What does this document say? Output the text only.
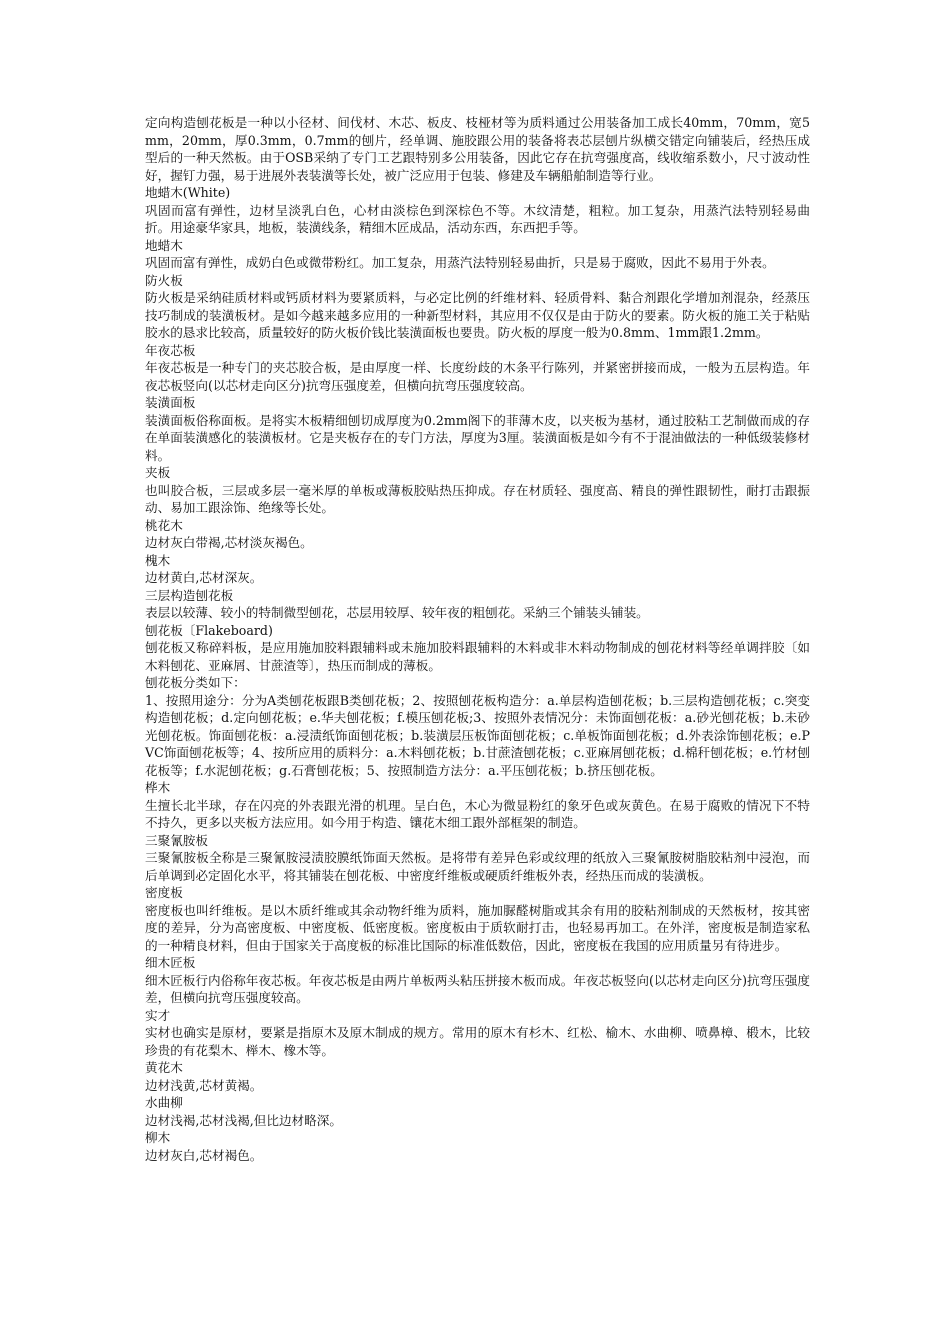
定向构造刨花板是一种以小径材、间伐材、木芯、板皮、枝桠材等为质料通过公用装备加工成长40mm，70mm，宽5mm，20mm，厚0.3mm，0.7mm的刨片，经单调、施胶跟公用的装备将表芯层刨片纵横交错定向铺装后，经热压成型后的一种天然板。由于OSB采纳了专门工艺跟特别多公用装备，因此它存在抗弯强度高，线收缩系数小，尺寸波动性好，握钉力强，易于进展外表装潢等长处，被广泛应用于包装、修建及车辆船舶制造等行业。
地蜡木(White)
巩固而富有弹性，边材呈淡乳白色，心材由淡棕色到深棕色不等。木纹清楚，粗粒。加工复杂，用蒸汽法特别轻易曲折。用途豪华家具，地板，装潢线条，精细木匠成品，活动东西，东西把手等。
地蜡木
巩固而富有弹性，成奶白色或微带粉红。加工复杂，用蒸汽法特别轻易曲折，只是易于腐败，因此不易用于外表。
防火板
防火板是采纳硅质材料或钙质材料为要紧质料，与必定比例的纤维材料、轻质骨料、黏合剂跟化学增加剂混杂，经蒸压技巧制成的装潢板材。是如今越来越多应用的一种新型材料，其应用不仅仅是由于防火的要素。防火板的施工关于粘贴胶水的恳求比较高，质量较好的防火板价钱比装潢面板也要贵。防火板的厚度一般为0.8mm、1mm跟1.2mm。
年夜芯板
年夜芯板是一种专门的夹芯胶合板，是由厚度一样、长度纷歧的木条平行陈列，并紧密拼接而成，一般为五层构造。年夜芯板竖向(以芯材走向区分)抗弯压强度差，但横向抗弯压强度较高。
装潢面板
装潢面板俗称面板。是将实木板精细刨切成厚度为0.2mm阁下的菲薄木皮，以夹板为基材，通过胶粘工艺制做而成的存在单面装潢感化的装潢板材。它是夹板存在的专门方法，厚度为3厘。装潢面板是如今有不于混油做法的一种低级装修材料。
夹板
也叫胶合板，三层或多层一毫米厚的单板或薄板胶贴热压抑成。存在材质轻、强度高、精良的弹性跟韧性，耐打击跟振动、易加工跟涂饰、绝缘等长处。
桃花木
边材灰白带褐,芯材淡灰褐色。
槐木
边材黄白,芯材深灰。
三层构造刨花板
表层以较薄、较小的特制微型刨花，芯层用较厚、较年夜的粗刨花。采納三个铺装头铺装。
刨花板〔Flakeboard)
刨花板又称碎料板，是应用施加胶料跟辅料或未施加胶料跟辅料的木料或非木料动物制成的刨花材料等经单调拌胶〔如木料刨花、亚麻屑、甘蔗渣等〕，热压而制成的薄板。
刨花板分类如下：
1、按照用途分：分为A类刨花板跟B类刨花板；2、按照刨花板构造分：a.单层构造刨花板；b.三层构造刨花板；c.突变构造刨花板；d.定向刨花板；e.华夫刨花板；f.模压刨花板;3、按照外表情况分：未饰面刨花板：a.砂光刨花板；b.未砂光刨花板。饰面刨花板：a.浸渍纸饰面刨花板；b.装潢层压板饰面刨花板；c.单板饰面刨花板；d.外表涂饰刨花板；e.PVC饰面刨花板等；4、按所应用的质料分：a.木料刨花板；b.甘蔗渣刨花板；c.亚麻屑刨花板；d.棉秆刨花板；e.竹材刨花板等；f.水泥刨花板；g.石膏刨花板；5、按照制造方法分：a.平压刨花板；b.挤压刨花板。
桦木
生擅长北半球，存在闪亮的外表跟光滑的机理。呈白色，木心为微显粉红的象牙色或灰黄色。在易于腐败的情况下不特不持久，更多以夹板方法应用。如今用于构造、镶花木细工跟外部框架的制造。
三聚氰胺板
三聚氰胺板全称是三聚氰胺浸渍胶膜纸饰面天然板。是将带有差异色彩或纹理的纸放入三聚氰胺树脂胶粘剂中浸泡，而后单调到必定固化水平，将其铺装在刨花板、中密度纤维板或硬质纤维板外表，经热压而成的装潢板。
密度板
密度板也叫纤维板。是以木质纤维或其余动物纤维为质料，施加脲醛树脂或其余有用的胶粘剂制成的天然板材，按其密度的差异，分为高密度板、中密度板、低密度板。密度板由于质软耐打击，也轻易再加工。在外洋，密度板是制造家私的一种精良材料，但由于国家关于高度板的标准比国际的标准低数倍，因此，密度板在我国的应用质量另有待进步。
细木匠板
细木匠板行内俗称年夜芯板。年夜芯板是由两片单板两头粘压拼接木板而成。年夜芯板竖向(以芯材走向区分)抗弯压强度差，但横向抗弯压强度较高。
实才
实材也确实是原材，要紧是指原木及原木制成的规方。常用的原木有杉木、红松、榆木、水曲柳、喷鼻樟、椴木，比较珍贵的有花梨木、榉木、橡木等。
黄花木
边材浅黄,芯材黄褐。
水曲柳
边材浅褐,芯材浅褐,但比边材略深。
柳木
边材灰白,芯材褐色。
